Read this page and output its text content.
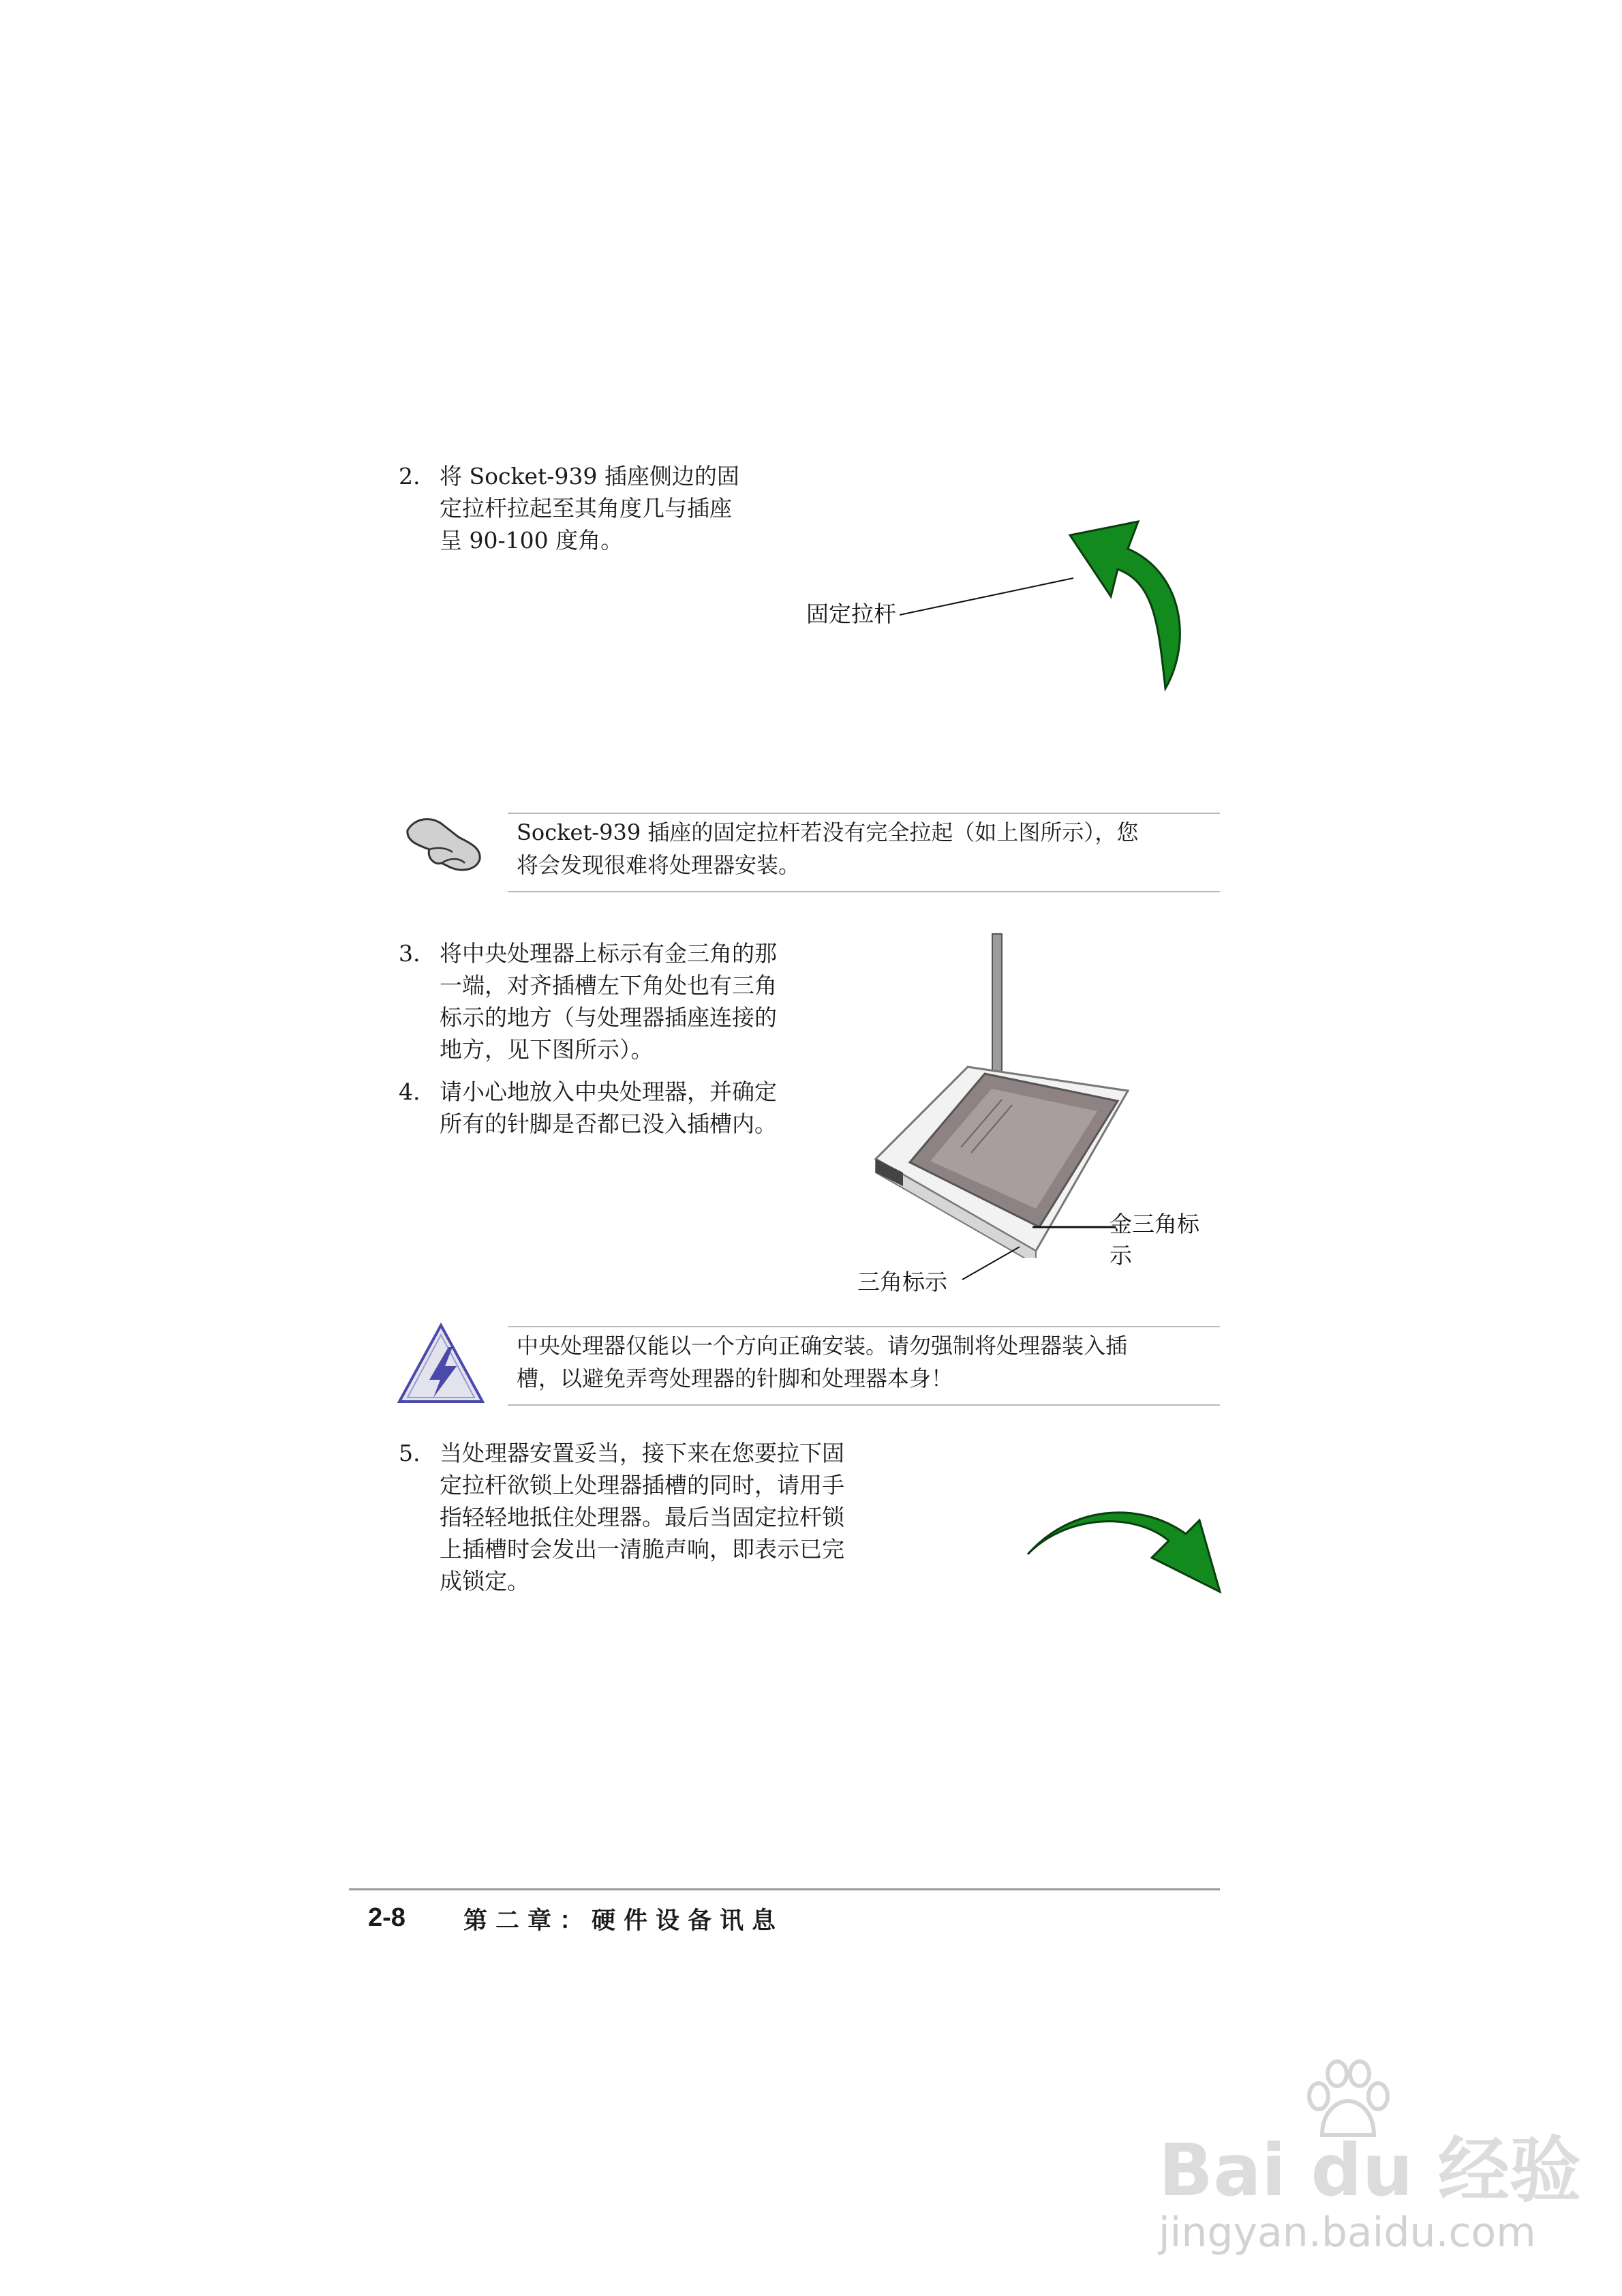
2. 将 Socket-939 插座侧边的固
定拉杆拉起至其角度几与插座
呈 90-100 度角。
固定拉杆
Socket-939 插座的固定拉杆若没有完全拉起（如上图所示），您
将会发现很难将处理器安装。
3. 将中央处理器上标示有金三角的那
一端，对齐插槽左下角处也有三角
标示的地方（与处理器插座连接的
地方，见下图所示）。
4. 请小心地放入中央处理器，并确定
所有的针脚是否都已没入插槽内。
金三角标
示
三角标示
中央处理器仅能以一个方向正确安装。请勿强制将处理器装入插
槽，以避免弄弯处理器的针脚和处理器本身！
5. 当处理器安置妥当，接下来在您要拉下固
定拉杆欲锁上处理器插槽的同时，请用手
指轻轻地抵住处理器。最后当固定拉杆锁
上插槽时会发出一清脆声响，即表示已完
成锁定。
2-8 第二章：硬件设备讯息
Bai du 经验
jingyan.baidu.com
